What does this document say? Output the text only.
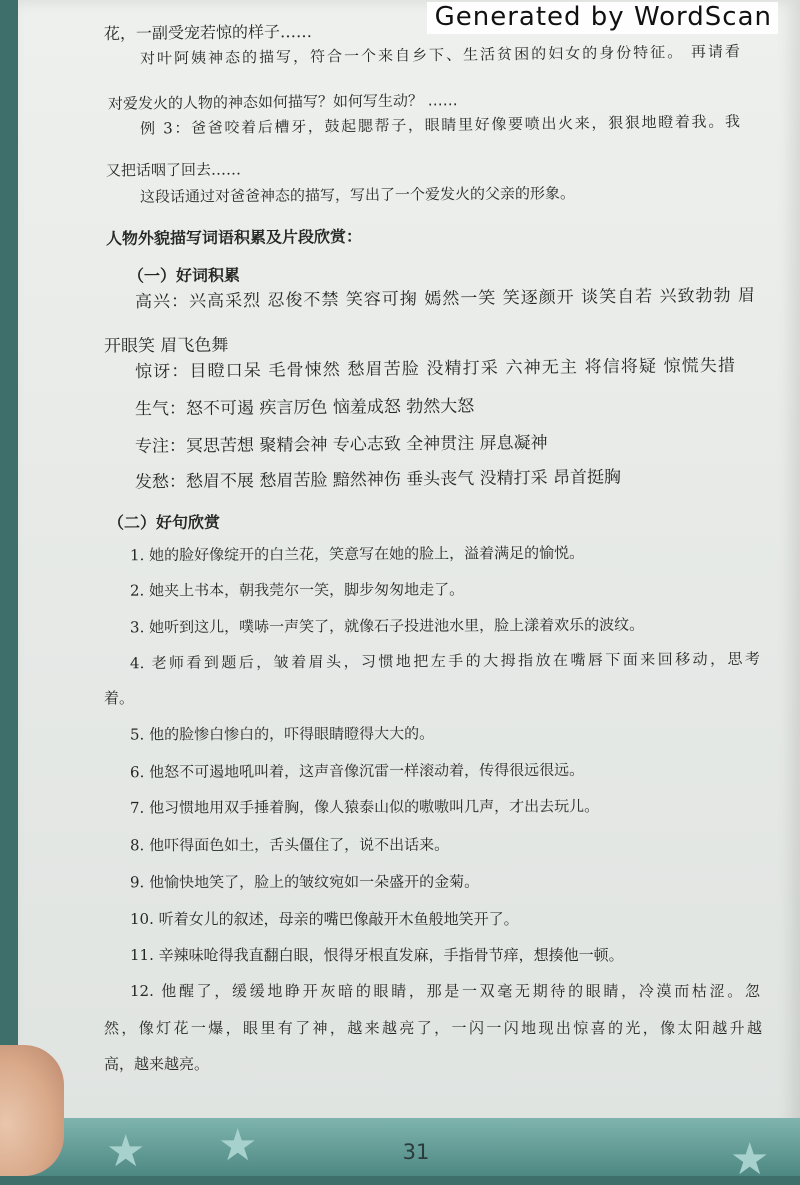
花，一副受宠若惊的样子……
对叶阿姨神态的描写，符合一个来自乡下、生活贫困的妇女的身份特征。 再请看
对爱发火的人物的神态如何描写？如何写生动？ ……
例 3：爸爸咬着后槽牙，鼓起腮帮子，眼睛里好像要喷出火来，狠狠地瞪着我。我
又把话咽了回去……
这段话通过对爸爸神态的描写，写出了一个爱发火的父亲的形象。
人物外貌描写词语积累及片段欣赏：
（一）好词积累
高兴：兴高采烈 忍俊不禁 笑容可掬 嫣然一笑 笑逐颜开 谈笑自若 兴致勃勃 眉
开眼笑 眉飞色舞
惊讶：目瞪口呆 毛骨悚然 愁眉苦脸 没精打采 六神无主 将信将疑 惊慌失措
生气：怒不可遏 疾言厉色 恼羞成怒 勃然大怒
专注：冥思苦想 聚精会神 专心志致 全神贯注 屏息凝神
发愁：愁眉不展 愁眉苦脸 黯然神伤 垂头丧气 没精打采 昂首挺胸
（二）好句欣赏
1. 她的脸好像绽开的白兰花，笑意写在她的脸上，溢着满足的愉悦。
2. 她夹上书本，朝我莞尔一笑，脚步匆匆地走了。
3. 她听到这儿，噗哧一声笑了，就像石子投进池水里，脸上漾着欢乐的波纹。
4. 老师看到题后，皱着眉头，习惯地把左手的大拇指放在嘴唇下面来回移动，思考
着。
5. 他的脸惨白惨白的，吓得眼睛瞪得大大的。
6. 他怒不可遏地吼叫着，这声音像沉雷一样滚动着，传得很远很远。
7. 他习惯地用双手捶着胸，像人猿泰山似的嗷嗷叫几声，才出去玩儿。
8. 他吓得面色如土，舌头僵住了，说不出话来。
9. 他愉快地笑了，脸上的皱纹宛如一朵盛开的金菊。
10. 听着女儿的叙述，母亲的嘴巴像敲开木鱼般地笑开了。
11. 辛辣味呛得我直翻白眼，恨得牙根直发麻，手指骨节痒，想揍他一顿。
12. 他醒了，缓缓地睁开灰暗的眼睛，那是一双毫无期待的眼睛，冷漠而枯涩。忽
然，像灯花一爆，眼里有了神，越来越亮了，一闪一闪地现出惊喜的光，像太阳越升越
高，越来越亮。
★ ★	★
31
Generated by WordScan
